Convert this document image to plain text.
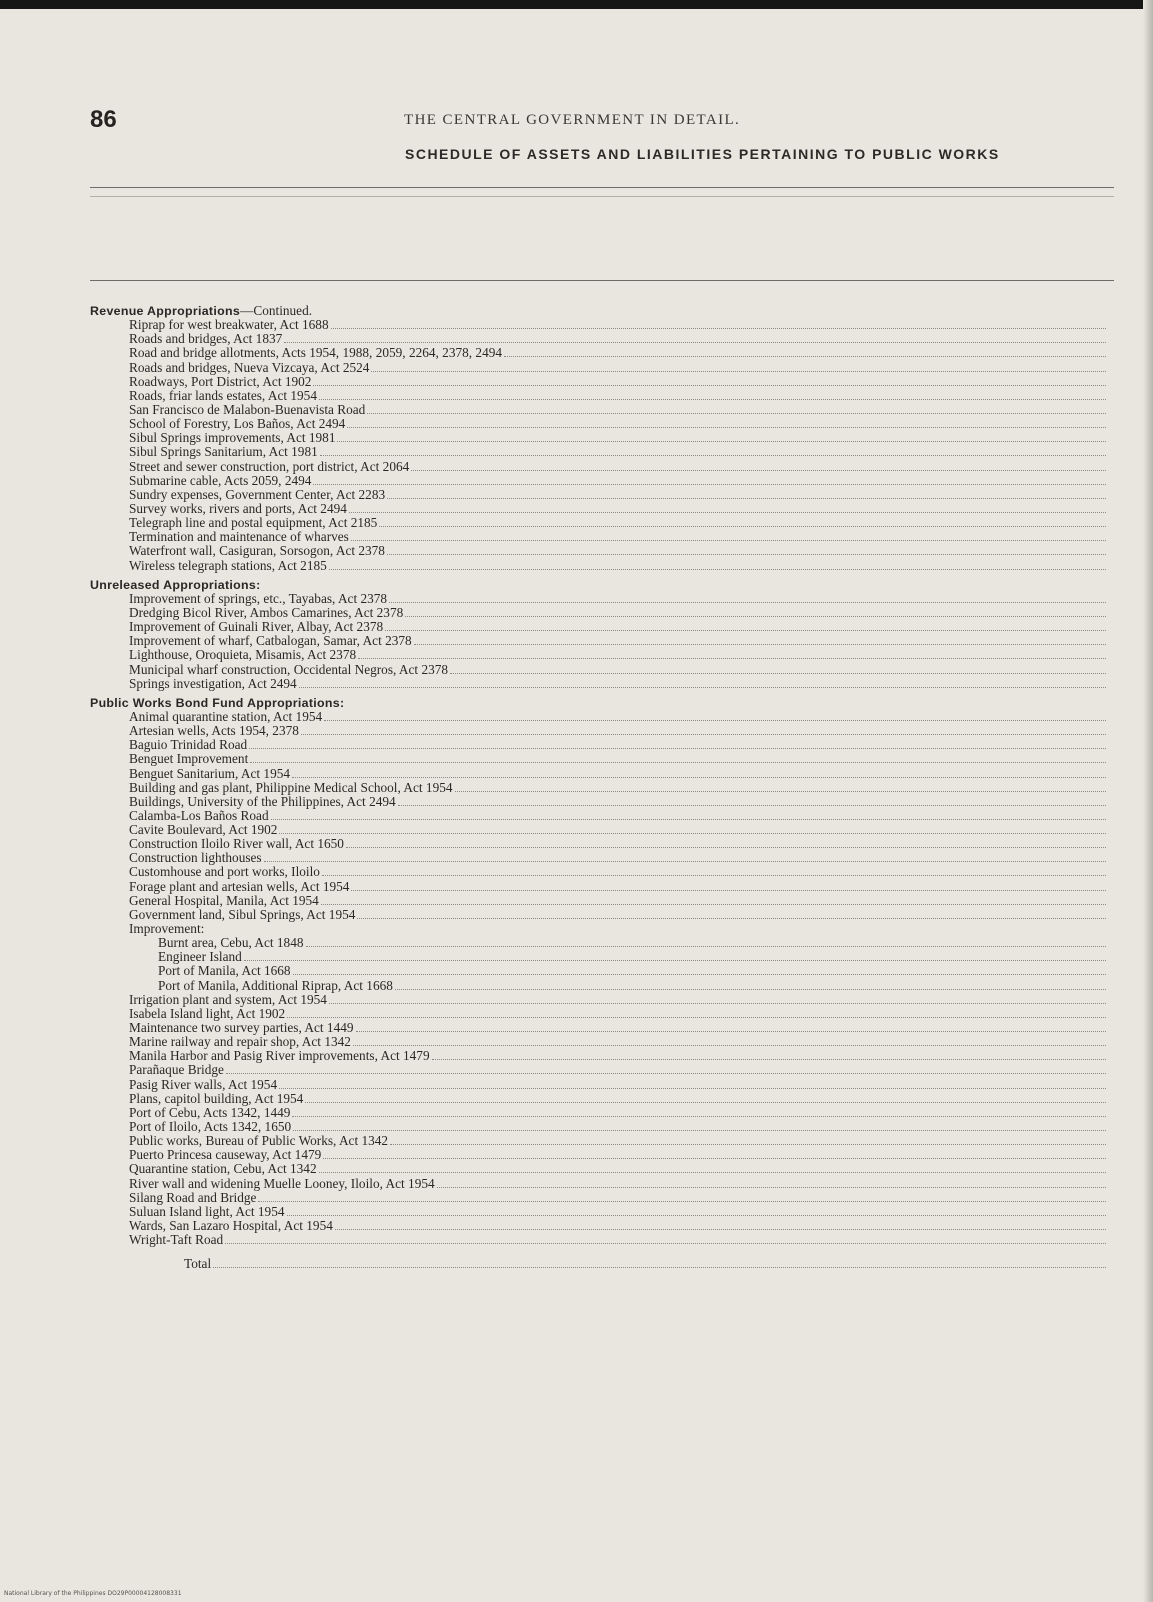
86	THE CENTRAL GOVERNMENT IN DETAIL.
SCHEDULE OF ASSETS AND LIABILITIES PERTAINING TO PUBLIC WORKS
Revenue Appropriations—Continued.
Riprap for west breakwater, Act 1688
Roads and bridges, Act 1837
Road and bridge allotments, Acts 1954, 1988, 2059, 2264, 2378, 2494
Roads and bridges, Nueva Vizcaya, Act 2524
Roadways, Port District, Act 1902
Roads, friar lands estates, Act 1954
San Francisco de Malabon-Buenavista Road
School of Forestry, Los Baños, Act 2494
Sibul Springs improvements, Act 1981
Sibul Springs Sanitarium, Act 1981
Street and sewer construction, port district, Act 2064
Submarine cable, Acts 2059, 2494
Sundry expenses, Government Center, Act 2283
Survey works, rivers and ports, Act 2494
Telegraph line and postal equipment, Act 2185
Termination and maintenance of wharves
Waterfront wall, Casiguran, Sorsogon, Act 2378
Wireless telegraph stations, Act 2185
Unreleased Appropriations:
Improvement of springs, etc., Tayabas, Act 2378
Dredging Bicol River, Ambos Camarines, Act 2378
Improvement of Guinali River, Albay, Act 2378
Improvement of wharf, Catbalogan, Samar, Act 2378
Lighthouse, Oroquieta, Misamis, Act 2378
Municipal wharf construction, Occidental Negros, Act 2378
Springs investigation, Act 2494
Public Works Bond Fund Appropriations:
Animal quarantine station, Act 1954
Artesian wells, Acts 1954, 2378
Baguio Trinidad Road
Benguet Improvement
Benguet Sanitarium, Act 1954
Building and gas plant, Philippine Medical School, Act 1954
Buildings, University of the Philippines, Act 2494
Calamba-Los Baños Road
Cavite Boulevard, Act 1902
Construction Iloilo River wall, Act 1650
Construction lighthouses
Customhouse and port works, Iloilo
Forage plant and artesian wells, Act 1954
General Hospital, Manila, Act 1954
Government land, Sibul Springs, Act 1954
Improvement:
Burnt area, Cebu, Act 1848
Engineer Island
Port of Manila, Act 1668
Port of Manila, Additional Riprap, Act 1668
Irrigation plant and system, Act 1954
Isabela Island light, Act 1902
Maintenance two survey parties, Act 1449
Marine railway and repair shop, Act 1342
Manila Harbor and Pasig River improvements, Act 1479
Parañaque Bridge
Pasig River walls, Act 1954
Plans, capitol building, Act 1954
Port of Cebu, Acts 1342, 1449
Port of Iloilo, Acts 1342, 1650
Public works, Bureau of Public Works, Act 1342
Puerto Princesa causeway, Act 1479
Quarantine station, Cebu, Act 1342
River wall and widening Muelle Looney, Iloilo, Act 1954
Silang Road and Bridge
Suluan Island light, Act 1954
Wards, San Lazaro Hospital, Act 1954
Wright-Taft Road
Total
National Library of the Philippines DO29P00004128008331
